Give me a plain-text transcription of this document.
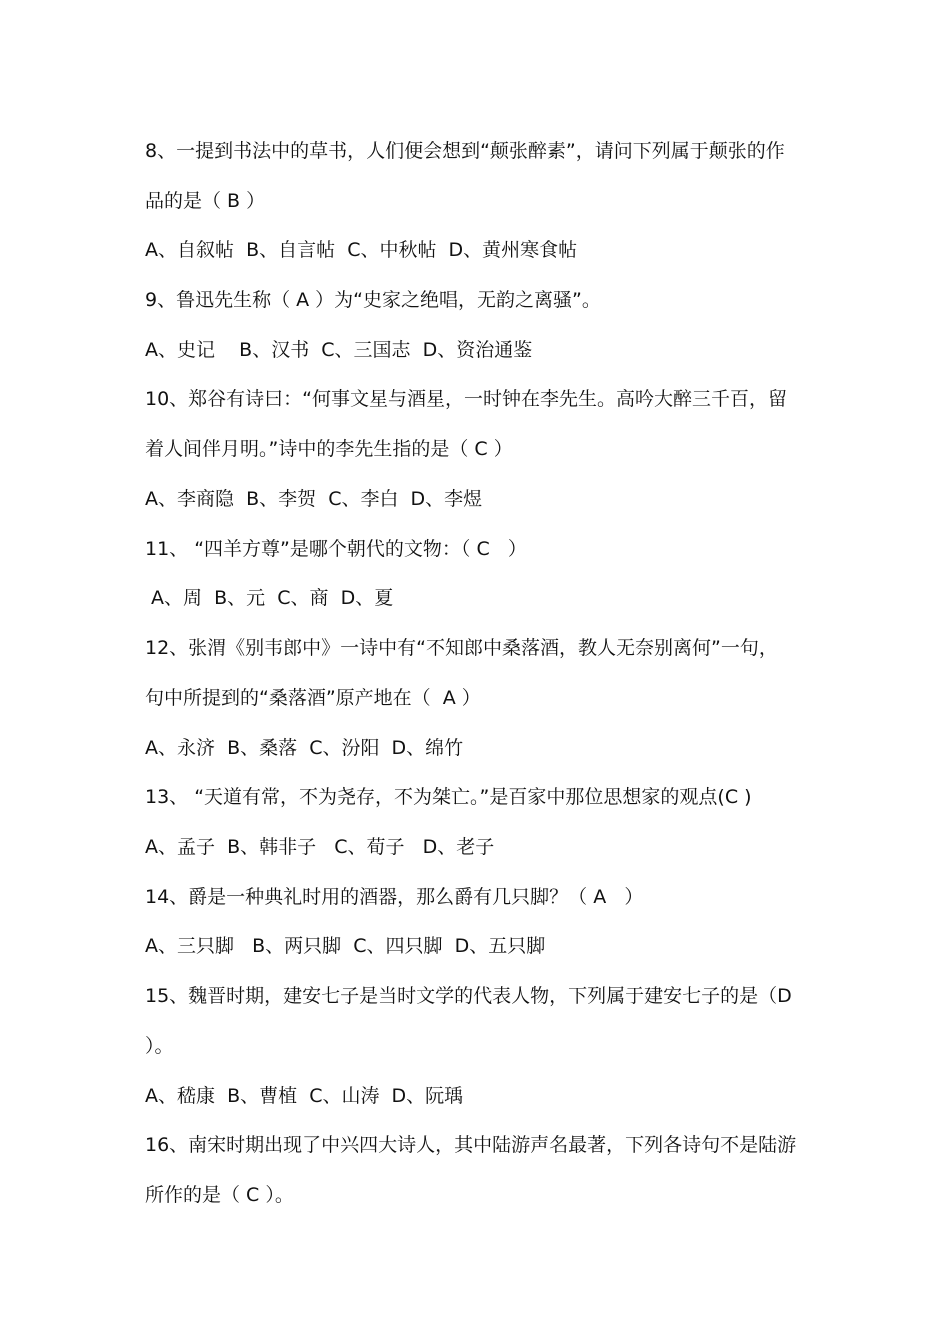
8、一提到书法中的草书，人们便会想到“颠张醉素”，请问下列属于颠张的作
品的是（ B ）
A、自叙帖  B、自言帖  C、中秋帖  D、黄州寒食帖
9、鲁迅先生称（ A ）为“史家之绝唱，无韵之离骚”。
A、史记    B、汉书  C、三国志  D、资治通鉴
10、郑谷有诗曰：“何事文星与酒星，一时钟在李先生。高吟大醉三千百，留
着人间伴月明。”诗中的李先生指的是（ C ）
A、李商隐  B、李贺  C、李白  D、李煜
11、 “四羊方尊”是哪个朝代的文物：（ C   ）
A、周  B、元  C、商  D、夏
12、张渭《别韦郎中》一诗中有“不知郎中桑落酒，教人无奈别离何”一句，
句中所提到的“桑落酒”原产地在（  A ）
A、永济  B、桑落  C、汾阳  D、绵竹
13、 “天道有常，不为尧存，不为桀亡。”是百家中那位思想家的观点(C )
A、孟子  B、韩非子   C、荀子   D、老子
14、爵是一种典礼时用的酒器，那么爵有几只脚？（ A   ）
A、三只脚   B、两只脚  C、四只脚  D、五只脚
15、魏晋时期，建安七子是当时文学的代表人物，下列属于建安七子的是（D
）。
A、嵇康  B、曹植  C、山涛  D、阮瑀
16、南宋时期出现了中兴四大诗人，其中陆游声名最著，下列各诗句不是陆游
所作的是（ C ）。
